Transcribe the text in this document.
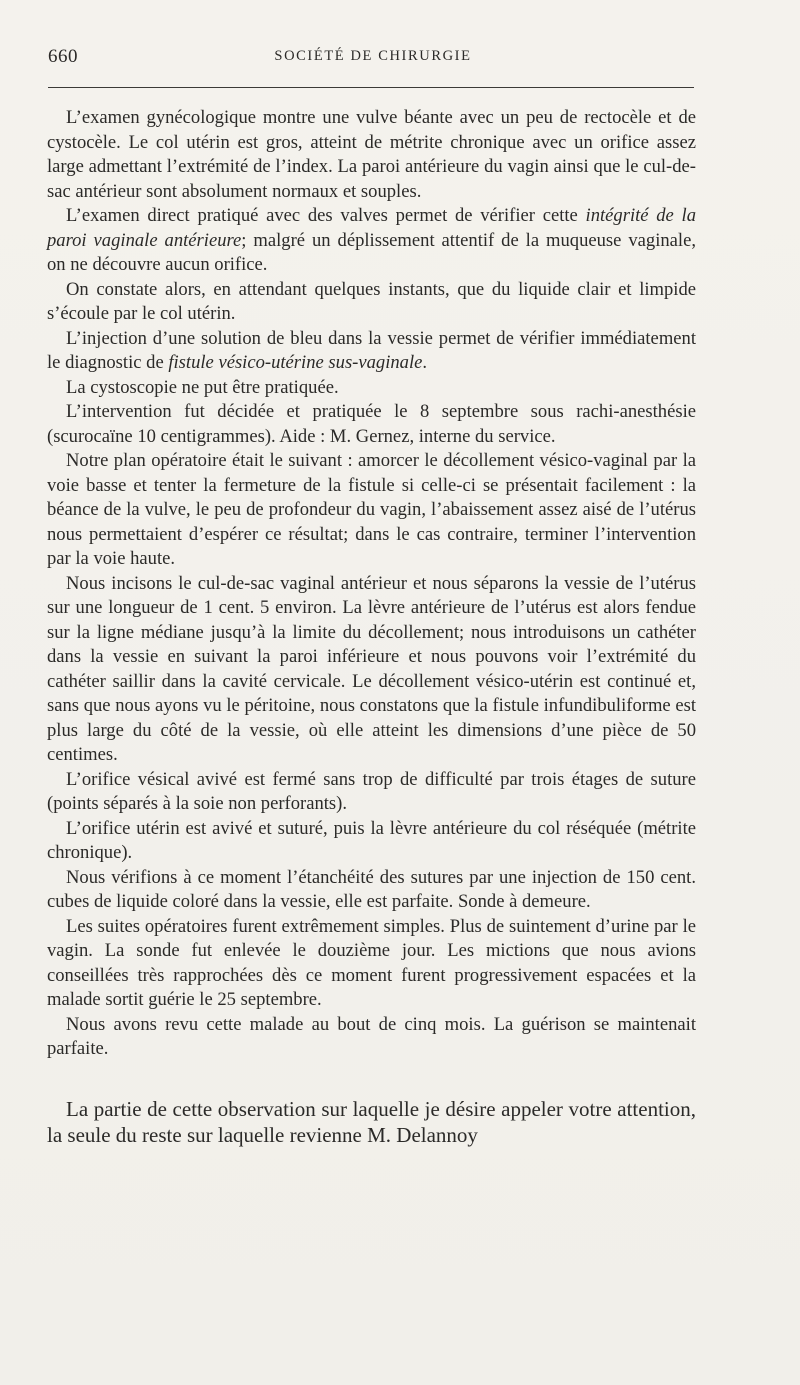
660	SOCIÉTÉ DE CHIRURGIE

L’examen gynécologique montre une vulve béante avec un peu de rectocèle et de cystocèle. Le col utérin est gros, atteint de métrite chronique avec un orifice assez large admettant l’extrémité de l’index. La paroi antérieure du vagin ainsi que le cul-de-sac antérieur sont absolument normaux et souples.

L’examen direct pratiqué avec des valves permet de vérifier cette intégrité de la paroi vaginale antérieure; malgré un déplissement attentif de la muqueuse vaginale, on ne découvre aucun orifice.

On constate alors, en attendant quelques instants, que du liquide clair et limpide s’écoule par le col utérin.

L’injection d’une solution de bleu dans la vessie permet de vérifier immédiatement le diagnostic de fistule vésico-utérine sus-vaginale.

La cystoscopie ne put être pratiquée.

L’intervention fut décidée et pratiquée le 8 septembre sous rachi-anesthésie (scurocaïne 10 centigrammes). Aide : M. Gernez, interne du service.

Notre plan opératoire était le suivant : amorcer le décollement vésico-vaginal par la voie basse et tenter la fermeture de la fistule si celle-ci se présentait facilement : la béance de la vulve, le peu de profondeur du vagin, l’abaissement assez aisé de l’utérus nous permettaient d’espérer ce résultat; dans le cas contraire, terminer l’intervention par la voie haute.

Nous incisons le cul-de-sac vaginal antérieur et nous séparons la vessie de l’utérus sur une longueur de 1 cent. 5 environ. La lèvre antérieure de l’utérus est alors fendue sur la ligne médiane jusqu’à la limite du décollement; nous introduisons un cathéter dans la vessie en suivant la paroi inférieure et nous pouvons voir l’extrémité du cathéter saillir dans la cavité cervicale. Le décollement vésico-utérin est continué et, sans que nous ayons vu le péritoine, nous constatons que la fistule infundibuliforme est plus large du côté de la vessie, où elle atteint les dimensions d’une pièce de 50 centimes.

L’orifice vésical avivé est fermé sans trop de difficulté par trois étages de suture (points séparés à la soie non perforants).

L’orifice utérin est avivé et suturé, puis la lèvre antérieure du col réséquée (métrite chronique).

Nous vérifions à ce moment l’étanchéité des sutures par une injection de 150 cent. cubes de liquide coloré dans la vessie, elle est parfaite. Sonde à demeure.

Les suites opératoires furent extrêmement simples. Plus de suintement d’urine par le vagin. La sonde fut enlevée le douzième jour. Les mictions que nous avions conseillées très rapprochées dès ce moment furent progressivement espacées et la malade sortit guérie le 25 septembre.

Nous avons revu cette malade au bout de cinq mois. La guérison se maintenait parfaite.

La partie de cette observation sur laquelle je désire appeler votre attention, la seule du reste sur laquelle revienne M. Delannoy
